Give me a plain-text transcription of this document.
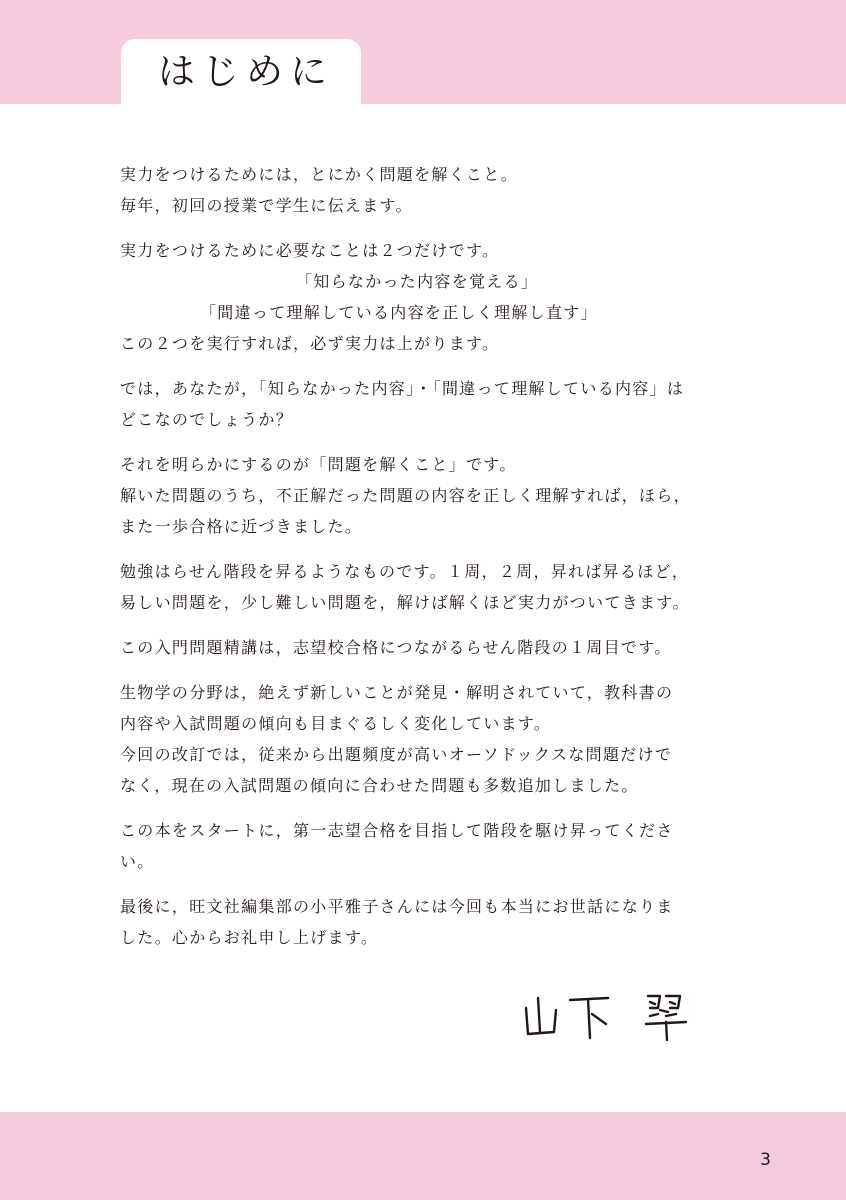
はじめに

実力をつけるためには，とにかく問題を解くこと。
毎年，初回の授業で学生に伝えます。

実力をつけるために必要なことは２つだけです。
「知らなかった内容を覚える」
「間違って理解している内容を正しく理解し直す」
この２つを実行すれば，必ず実力は上がります。

では，あなたが，「知らなかった内容」・「間違って理解している内容」は
どこなのでしょうか？

それを明らかにするのが「問題を解くこと」です。
解いた問題のうち，不正解だった問題の内容を正しく理解すれば，ほら，
また一歩合格に近づきました。

勉強はらせん階段を昇るようなものです。１周，２周，昇れば昇るほど，
易しい問題を，少し難しい問題を，解けば解くほど実力がついてきます。

この入門問題精講は，志望校合格につながるらせん階段の１周目です。

生物学の分野は，絶えず新しいことが発見・解明されていて，教科書の
内容や入試問題の傾向も目まぐるしく変化しています。
今回の改訂では，従来から出題頻度が高いオーソドックスな問題だけで
なく，現在の入試問題の傾向に合わせた問題も多数追加しました。

この本をスタートに，第一志望合格を目指して階段を駆け昇ってくださ
い。

最後に，旺文社編集部の小平雅子さんには今回も本当にお世話になりま
した。心からお礼申し上げます。

3
